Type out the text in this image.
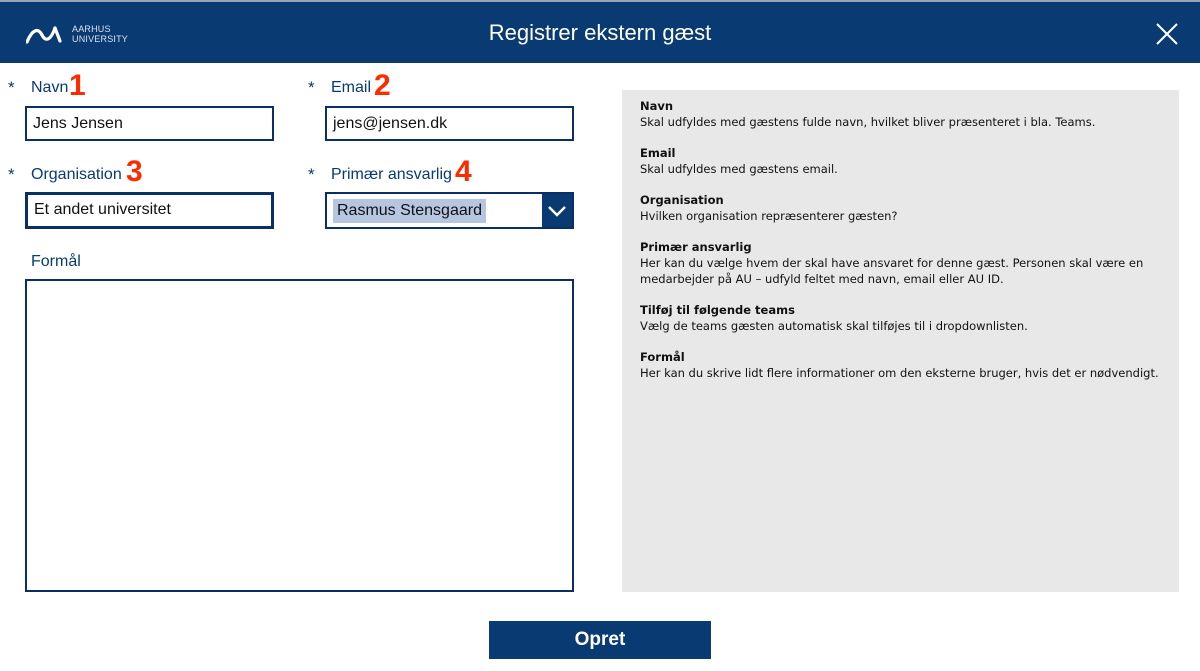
AARHUS
UNIVERSITY	Registrer ekstern gæst
* Navn 1
Jens Jensen
* Email 2
jens@jensen.dk
* Organisation 3
Et andet universitet
* Primær ansvarlig 4
Rasmus Stensgaard
Formål
Navn
Skal udfyldes med gæstens fulde navn, hvilket bliver præsenteret i bla. Teams.
Email
Skal udfyldes med gæstens email.
Organisation
Hvilken organisation repræsenterer gæsten?
Primær ansvarlig
Her kan du vælge hvem der skal have ansvaret for denne gæst. Personen skal være en medarbejder på AU – udfyld feltet med navn, email eller AU ID.
Tilføj til følgende teams
Vælg de teams gæsten automatisk skal tilføjes til i dropdownlisten.
Formål
Her kan du skrive lidt flere informationer om den eksterne bruger, hvis det er nødvendigt.
Opret
